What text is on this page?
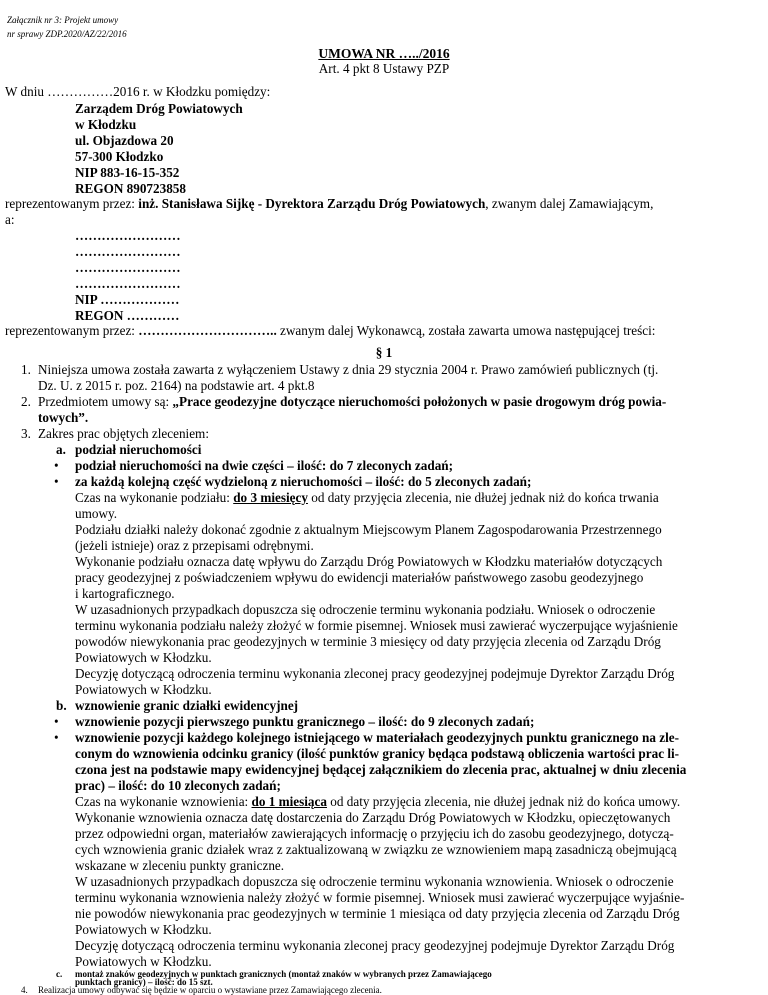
Załącznik nr 3: Projekt umowy
nr sprawy ZDP.2020/AZ/22/2016
UMOWA NR …../2016
Art. 4 pkt 8 Ustawy PZP
W dniu ……………2016 r. w Kłodzku pomiędzy:
Zarządem Dróg Powiatowych
w Kłodzku
ul. Objazdowa 20
57-300 Kłodzko
NIP 883-16-15-352
REGON 890723858
reprezentowanym przez: inż. Stanisława Sijkę - Dyrektora Zarządu Dróg Powiatowych, zwanym dalej Zamawiającym,
a:
……………………
……………………
……………………
……………………
NIP ………………
REGON …………
reprezentowanym przez: ………………………….. zwanym dalej Wykonawcą, została zawarta umowa następującej treści:
§ 1
1. Niniejsza umowa została zawarta z wyłączeniem Ustawy z dnia 29 stycznia 2004 r. Prawo zamówień publicznych (tj.
Dz. U. z 2015 r. poz. 2164) na podstawie art. 4 pkt.8
2. Przedmiotem umowy są: „Prace geodezyjne dotyczące nieruchomości położonych w pasie drogowym dróg powia-
towych”.
3. Zakres prac objętych zleceniem:
a. podział nieruchomości
• podział nieruchomości na dwie części – ilość: do 7 zleconych zadań;
• za każdą kolejną część wydzieloną z nieruchomości – ilość: do 5 zleconych zadań;
Czas na wykonanie podziału: do 3 miesięcy od daty przyjęcia zlecenia, nie dłużej jednak niż do końca trwania
umowy.
Podziału działki należy dokonać zgodnie z aktualnym Miejscowym Planem Zagospodarowania Przestrzennego
(jeżeli istnieje) oraz z przepisami odrębnymi.
Wykonanie podziału oznacza datę wpływu do Zarządu Dróg Powiatowych w Kłodzku materiałów dotyczących
pracy geodezyjnej z poświadczeniem wpływu do ewidencji materiałów państwowego zasobu geodezyjnego
i kartograficznego.
W uzasadnionych przypadkach dopuszcza się odroczenie terminu wykonania podziału. Wniosek o odroczenie
terminu wykonania podziału należy złożyć w formie pisemnej. Wniosek musi zawierać wyczerpujące wyjaśnienie
powodów niewykonania prac geodezyjnych w terminie 3 miesięcy od daty przyjęcia zlecenia od Zarządu Dróg
Powiatowych w Kłodzku.
Decyzję dotyczącą odroczenia terminu wykonania zleconej pracy geodezyjnej podejmuje Dyrektor Zarządu Dróg
Powiatowych w Kłodzku.
b. wznowienie granic działki ewidencyjnej
• wznowienie pozycji pierwszego punktu granicznego – ilość: do 9 zleconych zadań;
• wznowienie pozycji każdego kolejnego istniejącego w materiałach geodezyjnych punktu granicznego na zle-
conym do wznowienia odcinku granicy (ilość punktów granicy będąca podstawą obliczenia wartości prac li-
czona jest na podstawie mapy ewidencyjnej będącej załącznikiem do zlecenia prac, aktualnej w dniu zlecenia
prac) – ilość: do 10 zleconych zadań;
Czas na wykonanie wznowienia: do 1 miesiąca od daty przyjęcia zlecenia, nie dłużej jednak niż do końca umowy.
Wykonanie wznowienia oznacza datę dostarczenia do Zarządu Dróg Powiatowych w Kłodzku, opieczętowanych
przez odpowiedni organ, materiałów zawierających informację o przyjęciu ich do zasobu geodezyjnego, dotyczą-
cych wznowienia granic działek wraz z zaktualizowaną w związku ze wznowieniem mapą zasadniczą obejmującą
wskazane w zleceniu punkty graniczne.
W uzasadnionych przypadkach dopuszcza się odroczenie terminu wykonania wznowienia. Wniosek o odroczenie
terminu wykonania wznowienia należy złożyć w formie pisemnej. Wniosek musi zawierać wyczerpujące wyjaśnie-
nie powodów niewykonania prac geodezyjnych w terminie 1 miesiąca od daty przyjęcia zlecenia od Zarządu Dróg
Powiatowych w Kłodzku.
Decyzję dotyczącą odroczenia terminu wykonania zleconej pracy geodezyjnej podejmuje Dyrektor Zarządu Dróg
Powiatowych w Kłodzku.
c. montaż znaków geodezyjnych w punktach granicznych (montaż znaków w wybranych przez Zamawiającego
punktach granicy) – ilość: do 15 szt.
4. Realizacja umowy odbywać się będzie w oparciu o wystawiane przez Zamawiającego zlecenia.
